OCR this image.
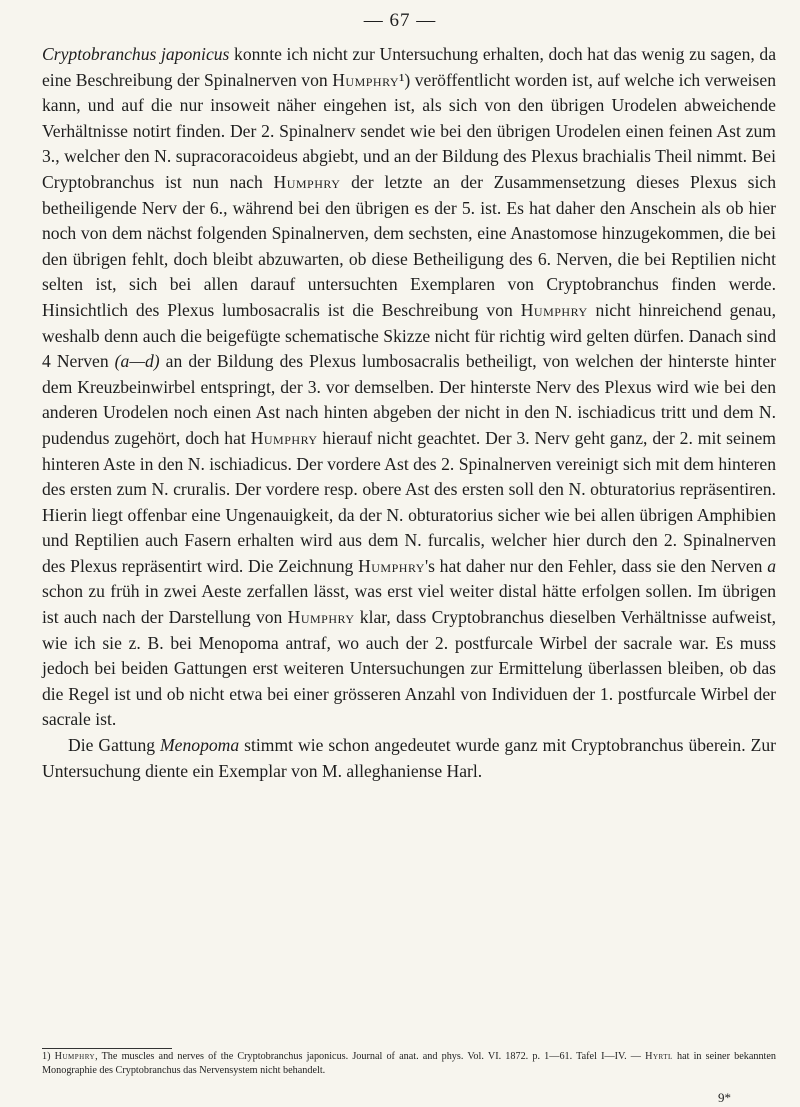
— 67 —

Cryptobranchus japonicus konnte ich nicht zur Untersuchung erhalten, doch hat das wenig zu sagen, da eine Beschreibung der Spinalnerven von Humphry¹) veröffentlicht worden ist, auf welche ich verweisen kann, und auf die nur insoweit näher eingehen ist, als sich von den übrigen Urodelen abweichende Verhältnisse notirt finden. Der 2. Spinalnerv sendet wie bei den übrigen Urodelen einen feinen Ast zum 3., welcher den N. supracoracoideus abgiebt, und an der Bildung des Plexus brachialis Theil nimmt. Bei Cryptobranchus ist nun nach Humphry der letzte an der Zusammensetzung dieses Plexus sich betheiligende Nerv der 6., während bei den übrigen es der 5. ist. Es hat daher den Anschein als ob hier noch von dem nächst folgenden Spinalnerven, dem sechsten, eine Anastomose hinzugekommen, die bei den übrigen fehlt, doch bleibt abzuwarten, ob diese Betheiligung des 6. Nerven, die bei Reptilien nicht selten ist, sich bei allen darauf untersuchten Exemplaren von Cryptobranchus finden werde. Hinsichtlich des Plexus lumbosacralis ist die Beschreibung von Humphry nicht hinreichend genau, weshalb denn auch die beigefügte schematische Skizze nicht für richtig wird gelten dürfen. Danach sind 4 Nerven (a—d) an der Bildung des Plexus lumbosacralis betheiligt, von welchen der hinterste hinter dem Kreuzbeinwirbel entspringt, der 3. vor demselben. Der hinterste Nerv des Plexus wird wie bei den anderen Urodelen noch einen Ast nach hinten abgeben der nicht in den N. ischiadicus tritt und dem N. pudendus zugehört, doch hat Humphry hierauf nicht geachtet. Der 3. Nerv geht ganz, der 2. mit seinem hinteren Aste in den N. ischiadicus. Der vordere Ast des 2. Spinalnerven vereinigt sich mit dem hinteren des ersten zum N. cruralis. Der vordere resp. obere Ast des ersten soll den N. obturatorius repräsentiren. Hierin liegt offenbar eine Ungenauigkeit, da der N. obturatorius sicher wie bei allen übrigen Amphibien und Reptilien auch Fasern erhalten wird aus dem N. furcalis, welcher hier durch den 2. Spinalnerven des Plexus repräsentirt wird. Die Zeichnung Humphry's hat daher nur den Fehler, dass sie den Nerven a schon zu früh in zwei Aeste zerfallen lässt, was erst viel weiter distal hätte erfolgen sollen. Im übrigen ist auch nach der Darstellung von Humphry klar, dass Cryptobranchus dieselben Verhältnisse aufweist, wie ich sie z. B. bei Menopoma antraf, wo auch der 2. postfurcale Wirbel der sacrale war. Es muss jedoch bei beiden Gattungen erst weiteren Untersuchungen zur Ermittelung überlassen bleiben, ob das die Regel ist und ob nicht etwa bei einer grösseren Anzahl von Individuen der 1. postfurcale Wirbel der sacrale ist.

Die Gattung Menopoma stimmt wie schon angedeutet wurde ganz mit Cryptobranchus überein. Zur Untersuchung diente ein Exemplar von M. alleghaniense Harl.

1) Humphry, The muscles and nerves of the Cryptobranchus japonicus. Journal of anat. and phys. Vol. VI. 1872. p. 1—61. Tafel I—IV. — Hyrtl hat in seiner bekannten Monographie des Cryptobranchus das Nervensystem nicht behandelt.
9*
